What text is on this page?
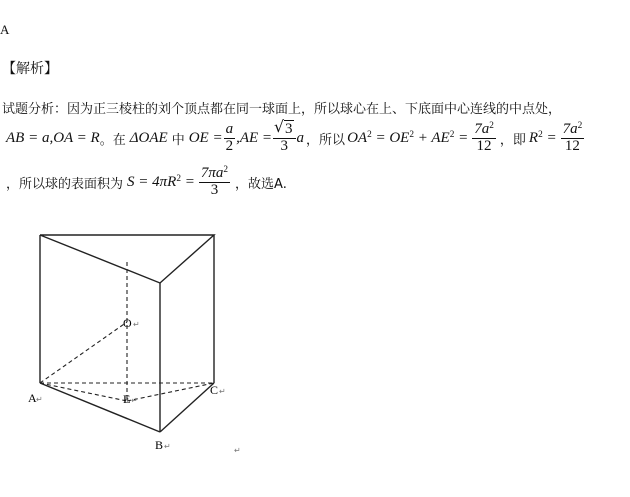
A
【解析】
试题分析：因为正三棱柱的刘个顶点都在同一球面上，所以球心在上、下底面中心连线的中点处，
AB = a,OA = R 。在 ΔOAE 中 OE = $\frac{a}{2} ,AE$ =
√ $\frac{3}{3}$ a ，所以 $OA^2 = OE^2 + AE^2 = \frac{7a^2}{12}$ ，即 $R^2 = \frac{7a^2}{12}$
，所以球的表面积为 $S = 4\pi R^2 = \frac{7\pi a^2}{3}$ ，故选A.
O
A	E
C
B
↵
↵	↵
↵
↵	↵
